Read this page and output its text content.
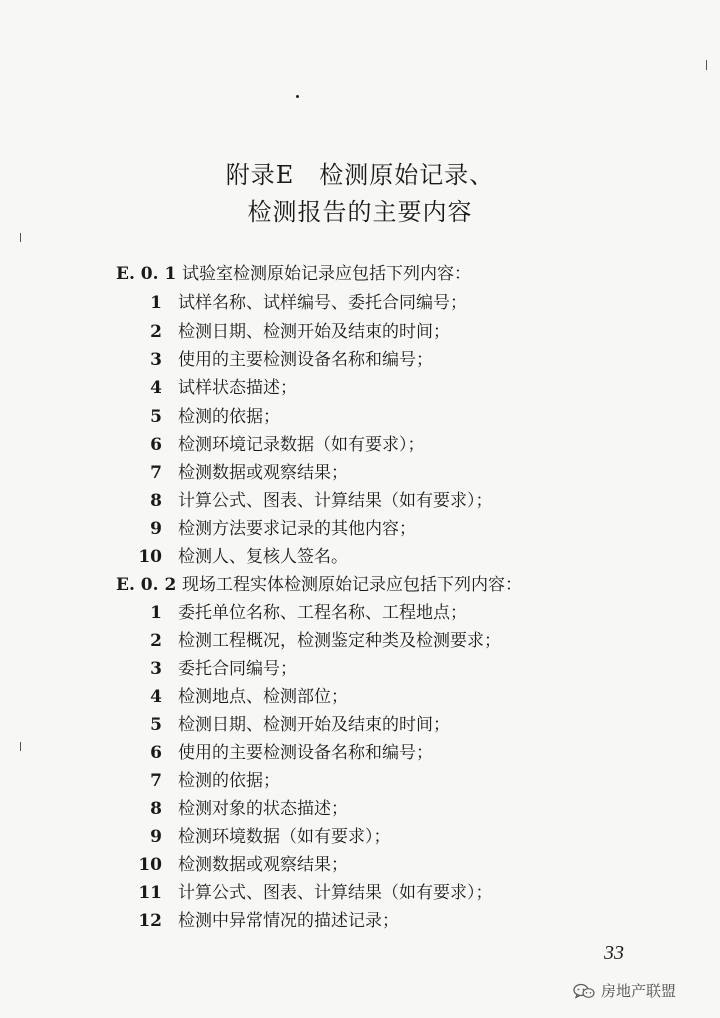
附录E　检测原始记录、
检测报告的主要内容
E. 0. 1 试验室检测原始记录应包括下列内容：
1 试样名称、试样编号、委托合同编号；
2 检测日期、检测开始及结束的时间；
3 使用的主要检测设备名称和编号；
4 试样状态描述；
5 检测的依据；
6 检测环境记录数据（如有要求）；
7 检测数据或观察结果；
8 计算公式、图表、计算结果（如有要求）；
9 检测方法要求记录的其他内容；
10 检测人、复核人签名。
E. 0. 2 现场工程实体检测原始记录应包括下列内容：
1 委托单位名称、工程名称、工程地点；
2 检测工程概况，检测鉴定种类及检测要求；
3 委托合同编号；
4 检测地点、检测部位；
5 检测日期、检测开始及结束的时间；
6 使用的主要检测设备名称和编号；
7 检测的依据；
8 检测对象的状态描述；
9 检测环境数据（如有要求）；
10 检测数据或观察结果；
11 计算公式、图表、计算结果（如有要求）；
12 检测中异常情况的描述记录；
33
房地产联盟
